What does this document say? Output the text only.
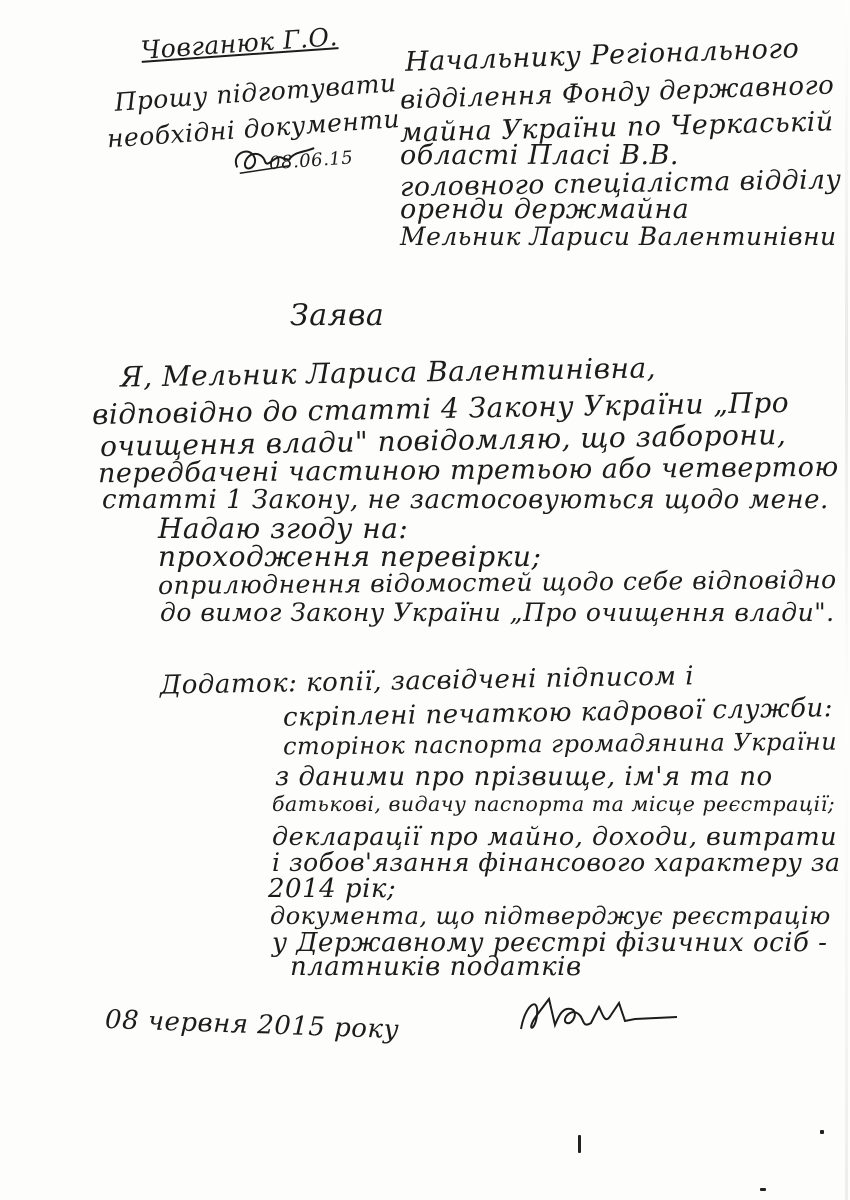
Човганюк Г.О.
Прошу підготувати
необхідні документи
08.06.15
Начальнику Регіонального
відділення Фонду державного
майна України по Черкаській
області Пласі В.В.
головного спеціаліста відділу
оренди держмайна
Мельник Лариси Валентинівни
Заява
Я, Мельник Лариса Валентинівна,
відповідно до статті 4 Закону України „Про
очищення влади" повідомляю, що заборони,
передбачені частиною третьою або четвертою
статті 1 Закону, не застосовуються щодо мене.
Надаю згоду на:
проходження перевірки;
оприлюднення відомостей щодо себе відповідно
до вимог Закону України „Про очищення влади".
Додаток: копії, засвідчені підписом і
скріплені печаткою кадрової служби:
сторінок паспорта громадянина України
з даними про прізвище, ім'я та по
батькові, видачу паспорта та місце реєстрації;
декларації про майно, доходи, витрати
і зобов'язання фінансового характеру за
2014 рік;
документа, що підтверджує реєстрацію
у Державному реєстрі фізичних осіб -
платників податків
08 червня 2015 року
